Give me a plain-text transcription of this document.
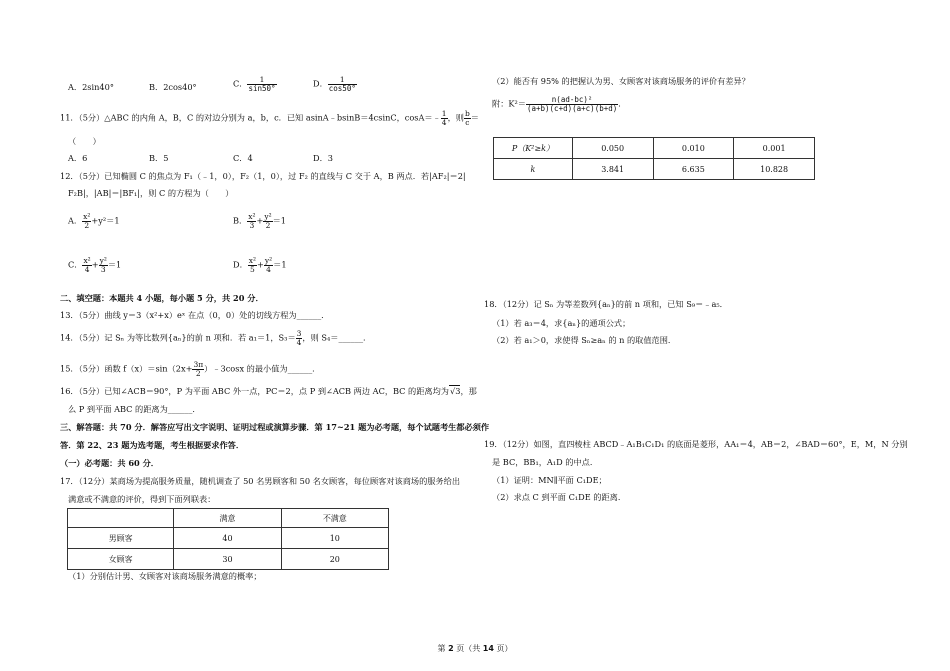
A．2sin40°	B．2cos40°	C． $\frac{1}{\sin 50^\circ}$	D． $\frac{1}{\cos 50^\circ}$
11．（5分）△ABC 的内角 A，B，C 的对边分别为 a，b，c．已知 asinA﹣bsinB＝4csinC，cosA＝﹣ $\frac{1}{4}$ ，则 $\frac{b}{c}$ ＝
（　　）
A．6	B．5	C．4	D．3
12．（5分）已知椭圆 C 的焦点为 F₁（﹣1，0），F₂（1，0），过 F₂ 的直线与 C 交于 A，B 两点．若|AF₂|＝2|
F₂B|，|AB|＝|BF₁|，则 C 的方程为（　　）
A． $\frac{\text{x²}}{2} +y^2=1$	B． $\frac{\text{x²}}{3} + \frac{\text{y²}}{2} =1$
C． $\frac{\text{x²}}{4} + \frac{\text{y²}}{3} =1$	D． $\frac{\text{x²}}{5} + \frac{\text{y²}}{4} =1$
二、填空题：本题共 4 小题，每小题 5 分，共 20 分．
13．（5分）曲线 y＝3（x²+x）eˣ 在点（0，0）处的切线方程为______．
14．（5分）记 Sₙ 为等比数列{aₙ}的前 n 项和．若 a₁＝1，$S_3= \frac{3}{4}$ ，则 S₄＝______．
15．（5分）函数 $f(x)=\sin(2x+ \frac{3\pi}{2}$ ）﹣3cosx 的最小值为______．
16．（5分）已知∠ACB＝90°，P 为平面 ABC 外一点，PC＝2，点 P 到∠ACB 两边 AC，BC 的距离均为√3，那
么 P 到平面 ABC 的距离为______．
三、解答题：共 70 分．解答应写出文字说明、证明过程或演算步骤．第 17~21 题为必考题，每个试题考生都必须作
答．第 22、23 题为选考题，考生根据要求作答．
（一）必考题：共 60 分．
17．（12分）某商场为提高服务质量，随机调查了 50 名男顾客和 50 名女顾客，每位顾客对该商场的服务给出
满意或不满意的评价，得到下面列联表：
	满意	不满意
男顾客	40	10
女顾客	30	20
（1）分别估计男、女顾客对该商场服务满意的概率；
（2）能否有 95% 的把握认为男、女顾客对该商场服务的评价有差异？
附：$K^2= \frac{\text{n(ad-bc)²}}{(a+b)(c+d)(a+c)(b+d)}$ ．
P（K²≥k）	0.050	0.010	0.001
k	3.841	6.635	10.828
18．（12分）记 Sₙ 为等差数列{aₙ}的前 n 项和，已知 S₉＝﹣a₅．
（1）若 a₃＝4，求{aₙ}的通项公式；
（2）若 a₁＞0，求使得 Sₙ≥aₙ 的 n 的取值范围．
19．（12分）如图，直四棱柱 ABCD﹣A₁B₁C₁D₁ 的底面是菱形，AA₁＝4，AB＝2，∠BAD＝60°，E，M，N 分别
是 BC，BB₁，A₁D 的中点．
（1）证明：MN∥平面 C₁DE；
（2）求点 C 到平面 C₁DE 的距离．
第 2 页（共 14 页）
